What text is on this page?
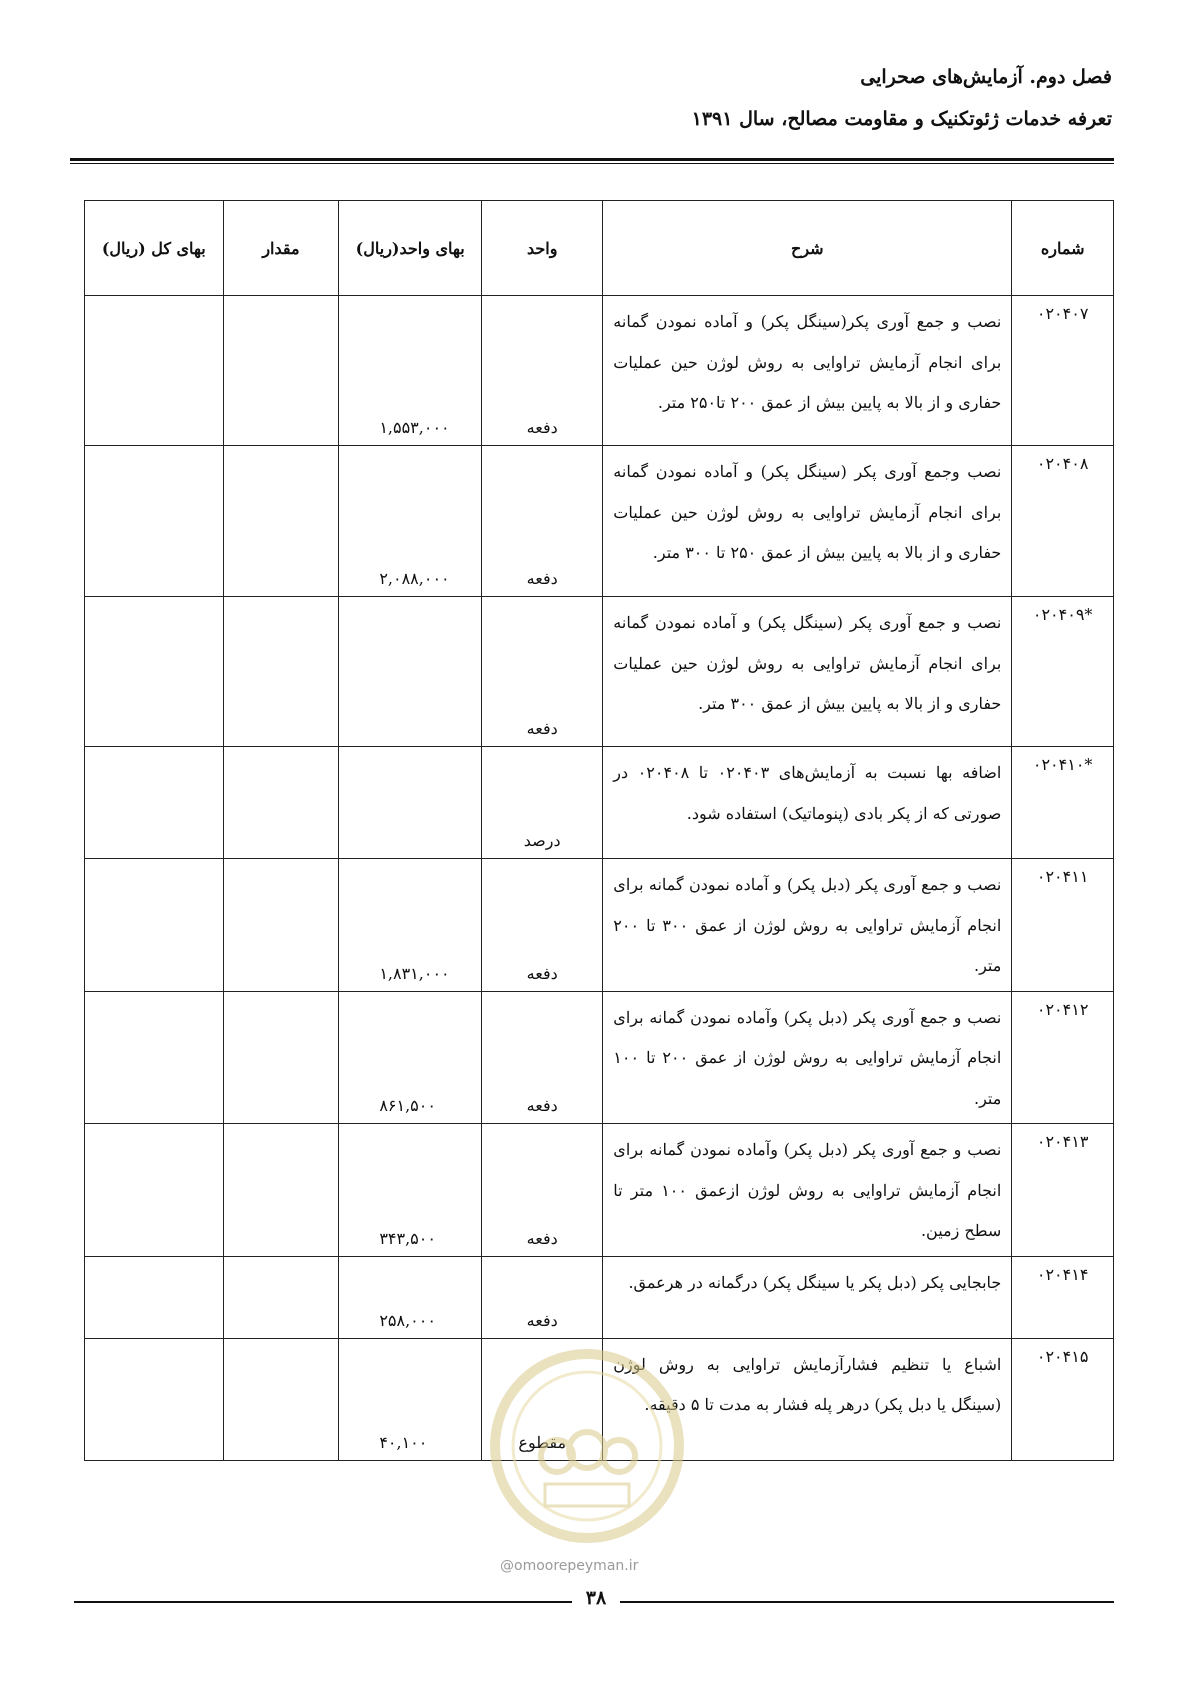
فصل دوم. آزمایش‌های صحرایی
تعرفه خدمات ژئوتکنیک و مقاومت مصالح، سال ۱۳۹۱
شماره	شرح	واحد	بهای واحد(ریال)	مقدار	بهای کل (ریال)
۰۲۰۴۰۷	نصب و جمع آوری پکر(سینگل پکر) و آماده نمودن گمانه برای انجام آزمایش تراوایی به روش لوژن حین عملیات حفاری و از بالا به پایین بیش از عمق ۲۰۰ تا۲۵۰ متر.	دفعه	۱,۵۵۳,۰۰۰		
۰۲۰۴۰۸	نصب وجمع آوری پکر (سینگل پکر) و آماده نمودن گمانه برای انجام آزمایش تراوایی به روش لوژن حین عملیات حفاری و از بالا به پایین بیش از عمق ۲۵۰ تا ۳۰۰ متر.	دفعه	۲,۰۸۸,۰۰۰		
*۰۲۰۴۰۹	نصب و جمع آوری پکر (سینگل پکر) و آماده نمودن گمانه برای انجام آزمایش تراوایی به روش لوژن حین عملیات حفاری و از بالا به پایین بیش از عمق ۳۰۰ متر.	دفعه			
*۰۲۰۴۱۰	اضافه بها نسبت به آزمایش‌های ۰۲۰۴۰۳ تا ۰۲۰۴۰۸ در صورتی که از پکر بادی (پنوماتیک) استفاده شود.	درصد			
۰۲۰۴۱۱	نصب و جمع آوری پکر (دبل پکر) و آماده نمودن گمانه برای انجام آزمایش تراوایی به روش لوژن از عمق ۳۰۰ تا ۲۰۰ متر.	دفعه	۱,۸۳۱,۰۰۰		
۰۲۰۴۱۲	نصب و جمع آوری پکر (دبل پکر) وآماده نمودن گمانه برای انجام آزمایش تراوایی به روش لوژن از عمق ۲۰۰ تا ۱۰۰ متر.	دفعه	۸۶۱,۵۰۰		
۰۲۰۴۱۳	نصب و جمع آوری پکر (دبل پکر) وآماده نمودن گمانه برای انجام آزمایش تراوایی به روش لوژن ازعمق ۱۰۰ متر تا سطح زمین.	دفعه	۳۴۳,۵۰۰		
۰۲۰۴۱۴	جابجایی پکر (دبل پکر یا سینگل پکر) درگمانه در هرعمق.	دفعه	۲۵۸,۰۰۰		
۰۲۰۴۱۵	اشباع یا تنظیم فشارآزمایش تراوایی به روش لوژن (سینگل یا دبل پکر) درهر پله فشار به مدت تا ۵ دقیقه.	مقطوع	۴۰,۱۰۰		
@omoorepeyman.ir
۳۸
